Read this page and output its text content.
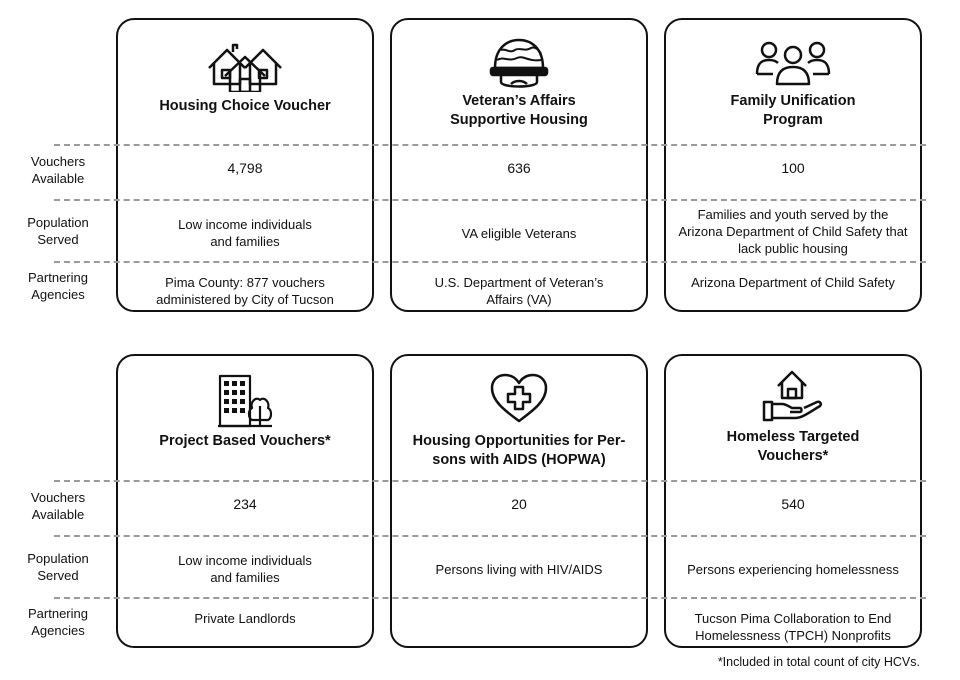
Housing Choice Voucher
4,798
Low income individuals
and families
Pima County: 877 vouchers
administered by City of Tucson
Veteran’s Affairs
Supportive Housing
636
VA eligible Veterans
U.S. Department of Veteran’s
Affairs (VA)
Family Unification
Program
100
Families and youth served by the
Arizona Department of Child Safety that
lack public housing
Arizona Department of Child Safety
Project Based Vouchers*
234
Low income individuals
and families
Private Landlords
Housing Opportunities for Per-
sons with AIDS (HOPWA)
20
Persons living with HIV/AIDS
Homeless Targeted
Vouchers*
540
Persons experiencing homelessness
Tucson Pima Collaboration to End
Homelessness (TPCH) Nonprofits
Vouchers
Available
Population
Served
Partnering
Agencies
Vouchers
Available
Population
Served
Partnering
Agencies
*Included in total count of city HCVs.
